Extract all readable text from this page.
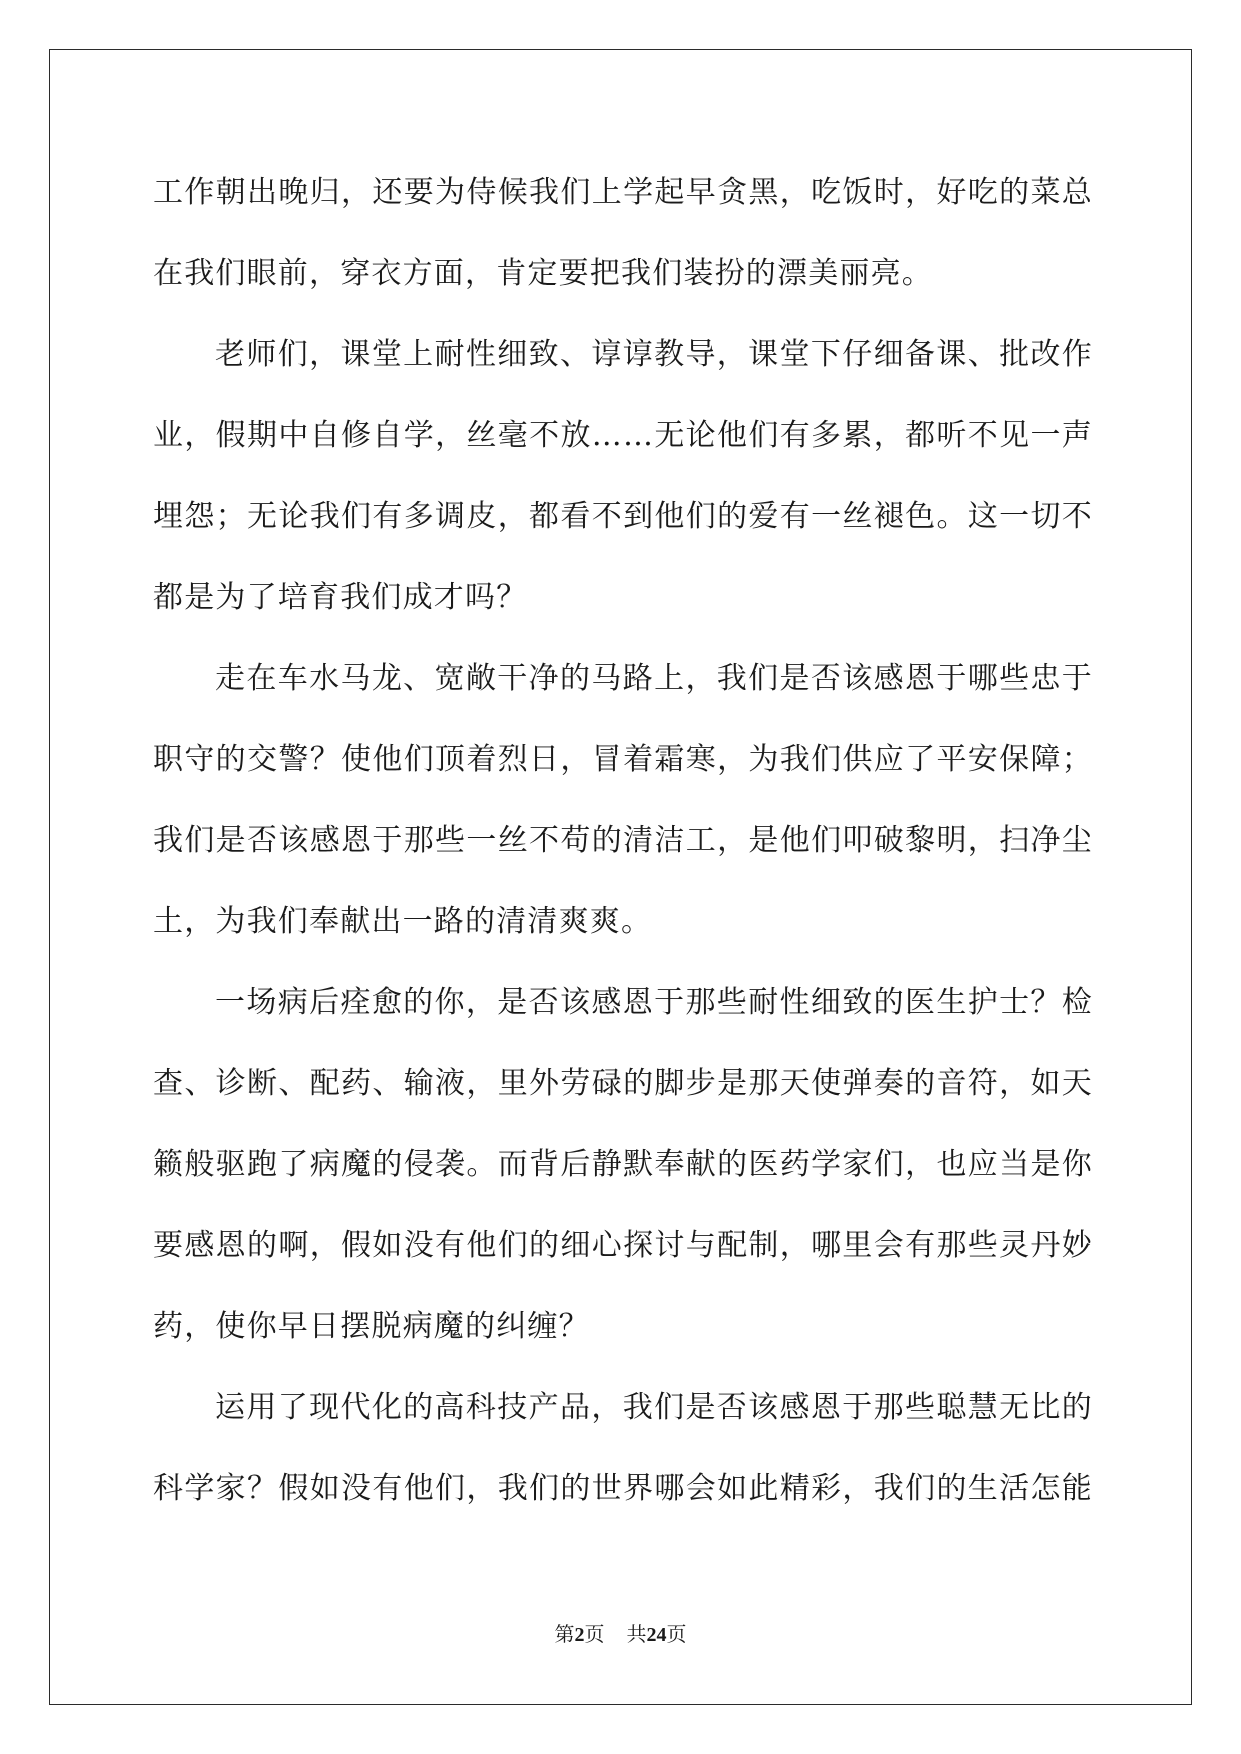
工作朝出晚归，还要为侍候我们上学起早贪黑，吃饭时，好吃的菜总
在我们眼前，穿衣方面，肯定要把我们装扮的漂美丽亮。
老师们，课堂上耐性细致、谆谆教导，课堂下仔细备课、批改作
业，假期中自修自学，丝毫不放……无论他们有多累，都听不见一声
埋怨；无论我们有多调皮，都看不到他们的爱有一丝褪色。这一切不
都是为了培育我们成才吗？
走在车水马龙、宽敞干净的马路上，我们是否该感恩于哪些忠于
职守的交警？使他们顶着烈日，冒着霜寒，为我们供应了平安保障；
我们是否该感恩于那些一丝不苟的清洁工，是他们叩破黎明，扫净尘
土，为我们奉献出一路的清清爽爽。
一场病后痊愈的你，是否该感恩于那些耐性细致的医生护士？检
查、诊断、配药、输液，里外劳碌的脚步是那天使弹奏的音符，如天
籁般驱跑了病魔的侵袭。而背后静默奉献的医药学家们，也应当是你
要感恩的啊，假如没有他们的细心探讨与配制，哪里会有那些灵丹妙
药，使你早日摆脱病魔的纠缠？
运用了现代化的高科技产品，我们是否该感恩于那些聪慧无比的
科学家？假如没有他们，我们的世界哪会如此精彩，我们的生活怎能
第2页 共24页
